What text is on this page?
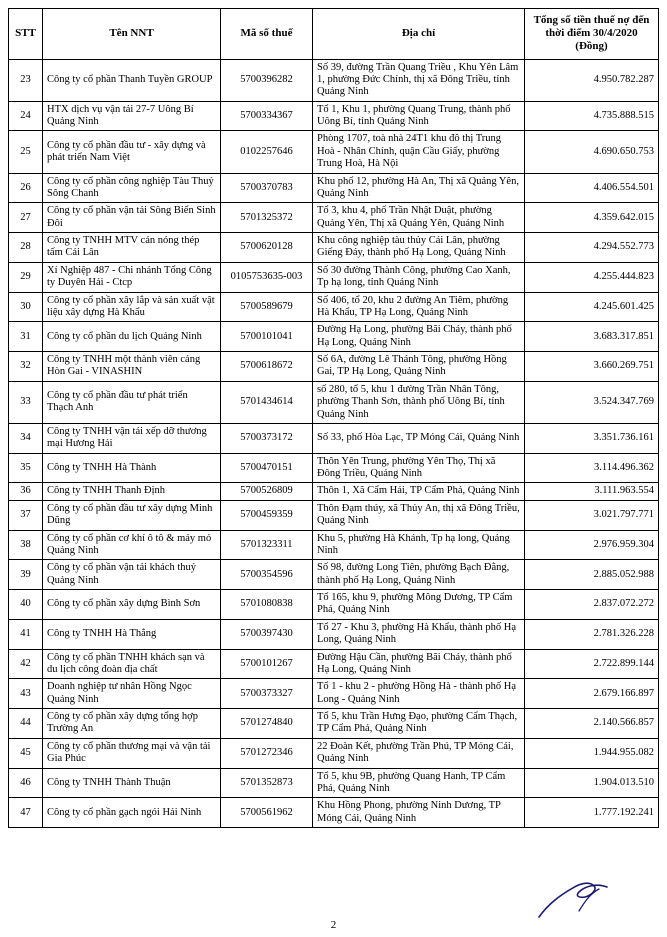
STT	Tên NNT	Mã số thuế	Địa chỉ	Tổng số tiền thuế nợ đến thời điểm 30/4/2020 (Đồng)
23	Công ty cổ phần Thanh Tuyền GROUP	5700396282	Số 39, đường Trần Quang Triều , Khu Yên Lâm 1, phường Đức Chính, thị xã Đông Triều, tỉnh Quảng Ninh	4.950.782.287
24	HTX dịch vụ vận tải 27-7 Uông Bí Quảng Ninh	5700334367	Tổ 1, Khu 1, phường Quang Trung, thành phố Uông Bí, tỉnh Quảng Ninh	4.735.888.515
25	Công ty cổ phần đầu tư - xây dựng và phát triển Nam Việt	0102257646	Phòng 1707, toà nhà 24T1 khu đô thị Trung Hoà - Nhân Chính, quận Cầu Giấy, phường Trung Hoà, Hà Nội	4.690.650.753
26	Công ty cổ phần công nghiệp Tàu Thuỷ Sông Chanh	5700370783	Khu phố 12, phường Hà An, Thị xã Quảng Yên, Quảng Ninh	4.406.554.501
27	Công ty cổ phần vận tải Sông Biển Sinh Đôi	5701325372	Tổ 3, khu 4, phố Trần Nhật Duật, phường Quảng Yên, Thị xã Quảng Yên, Quảng Ninh	4.359.642.015
28	Công ty TNHH MTV cán nóng thép tấm Cái Lân	5700620128	Khu công nghiệp tàu thủy Cái Lân, phường Giếng Đáy, thành phố Hạ Long, Quảng Ninh	4.294.552.773
29	Xí Nghiệp 487 - Chi nhánh Tổng Công ty Duyên Hải - Ctcp	0105753635-003	Số 30 đường Thành Công, phường Cao Xanh, Tp hạ long, tỉnh Quảng Ninh	4.255.444.823
30	Công ty cổ phần xây lắp và sản xuất vật liệu xây dựng Hà Khẩu	5700589679	Số 406, tổ 20, khu 2 đường An Tiêm, phường Hà Khẩu, TP Hạ Long, Quảng Ninh	4.245.601.425
31	Công ty cổ phần du lịch Quảng Ninh	5700101041	Đường Hạ Long, phường Bãi Cháy, thành phố Hạ Long, Quảng Ninh	3.683.317.851
32	Công ty TNHH một thành viên cảng Hòn Gai - VINASHIN	5700618672	Số 6A, đường Lê Thánh Tông, phường Hồng Gai, TP Hạ Long, Quảng Ninh	3.660.269.751
33	Công ty cổ phần đầu tư phát triển Thạch Anh	5701434614	số 280, tổ 5, khu 1 đường Trần Nhân Tông, phường Thanh Sơn, thành phố Uông Bí, tỉnh Quảng Ninh	3.524.347.769
34	Công ty TNHH vận tải xếp dỡ thương mại Hương Hải	5700373172	Số 33, phố Hòa Lạc, TP Móng Cái, Quảng Ninh	3.351.736.161
35	Công ty TNHH Hà Thành	5700470151	Thôn Yên Trung, phường Yên Thọ, Thị xã Đông Triều, Quảng Ninh	3.114.496.362
36	Công ty TNHH Thanh Định	5700526809	Thôn 1, Xã Cẩm Hải, TP Cẩm Phả, Quảng Ninh	3.111.963.554
37	Công ty cổ phần đầu tư xây dựng Minh Dũng	5700459359	Thôn Đạm thúy, xã Thủy An, thị xã Đông Triều, Quảng Ninh	3.021.797.771
38	Công ty cổ phần cơ khí ô tô & máy mỏ Quảng Ninh	5701323311	Khu 5, phường Hà Khánh, Tp hạ long, Quảng Ninh	2.976.959.304
39	Công ty cổ phần vận tải khách thuỷ Quảng Ninh	5700354596	Số 98, đường Long Tiên, phường Bạch Đằng, thành phố Hạ Long, Quảng Ninh	2.885.052.988
40	Công ty cổ phần xây dựng Bình Sơn	5701080838	Tổ 165, khu 9, phường Mông Dương, TP Cẩm Phả, Quảng Ninh	2.837.072.272
41	Công ty TNHH Hà Thắng	5700397430	Tổ 27 - Khu 3, phường Hà Khẩu, thành phố Hạ Long, Quảng Ninh	2.781.326.228
42	Công ty cổ phần TNHH khách sạn và du lịch công đoàn địa chất	5700101267	Đường Hậu Cần, phường Bãi Cháy, thành phố Hạ Long, Quảng Ninh	2.722.899.144
43	Doanh nghiệp tư nhân Hồng Ngọc Quảng Ninh	5700373327	Tổ 1 - khu 2 - phường Hồng Hà - thành phố Hạ Long - Quảng Ninh	2.679.166.897
44	Công ty cổ phần xây dựng tổng hợp Trường An	5701274840	Tổ 5, khu Trần Hưng Đạo, phường Cẩm Thạch, TP Cẩm Phả, Quảng Ninh	2.140.566.857
45	Công ty cổ phần thương mại và vận tải Gia Phúc	5701272346	22 Đoàn Kết, phường Trần Phú, TP Móng Cái, Quảng Ninh	1.944.955.082
46	Công ty TNHH Thành Thuận	5701352873	Tổ 5, khu 9B, phường Quang Hanh, TP Cẩm Phả, Quảng Ninh	1.904.013.510
47	Công ty cổ phần gạch ngói Hải Ninh	5700561962	Khu Hồng Phong, phường Ninh Dương, TP Móng Cái, Quảng Ninh	1.777.192.241
2
